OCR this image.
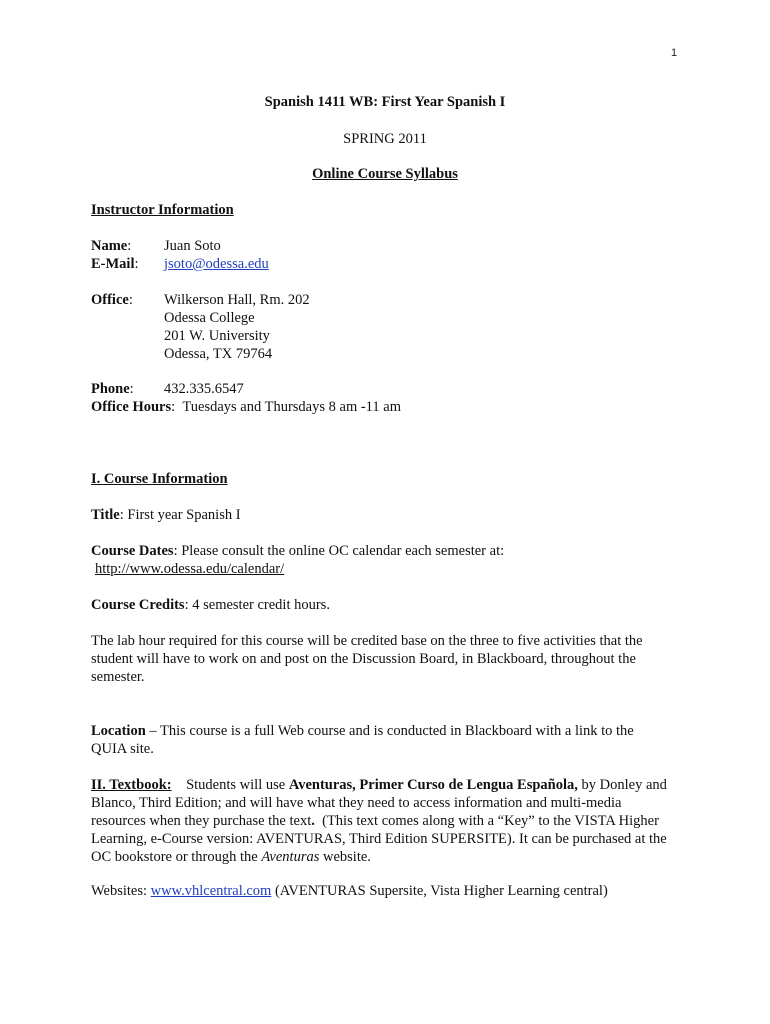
1
Spanish 1411 WB: First Year Spanish I
SPRING 2011
Online Course Syllabus
Instructor Information
Name: Juan Soto
E-Mail: jsoto@odessa.edu
Office: Wilkerson Hall, Rm. 202
Odessa College
201 W. University
Odessa, TX 79764
Phone: 432.335.6547
Office Hours:  Tuesdays and Thursdays 8 am -11 am
I. Course Information
Title: First year Spanish I
Course Dates: Please consult the online OC calendar each semester at:
http://www.odessa.edu/calendar/
Course Credits: 4 semester credit hours.
The lab hour required for this course will be credited base on the three to five activities that the student will have to work on and post on the Discussion Board, in Blackboard, throughout the semester.
Location – This course is a full Web course and is conducted in Blackboard with a link to the QUIA site.
II. Textbook: Students will use Aventuras, Primer Curso de Lengua Española, by Donley and Blanco, Third Edition; and will have what they need to access information and multi-media resources when they purchase the text. (This text comes along with a “Key” to the VISTA Higher Learning, e-Course version: AVENTURAS, Third Edition SUPERSITE). It can be purchased at the OC bookstore or through the Aventuras website.
Websites: www.vhlcentral.com (AVENTURAS Supersite, Vista Higher Learning central)
